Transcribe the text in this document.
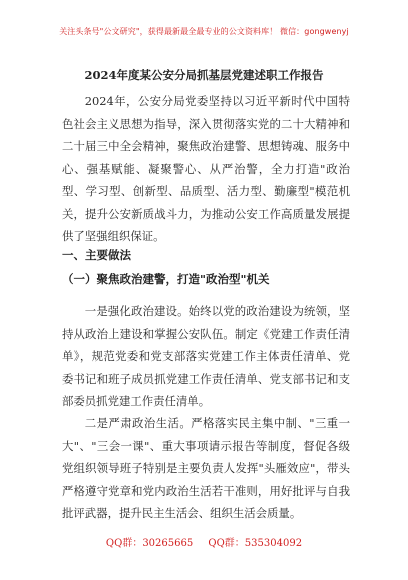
关注头条号"公文研究"，获得最新最全最专业的公文资料库！ 微信：gongwenyj
2024年度某公安分局抓基层党建述职工作报告
2024年，公安分局党委坚持以习近平新时代中国特色社会主义思想为指导，深入贯彻落实党的二十大精神和二十届三中全会精神，聚焦政治建警、思想铸魂、服务中心、强基赋能、凝聚警心、从严治警，全力打造"政治型、学习型、创新型、品质型、活力型、勤廉型"模范机关，提升公安新质战斗力，为推动公安工作高质量发展提供了坚强组织保证。
一、主要做法
（一）聚焦政治建警，打造"政治型"机关
一是强化政治建设。始终以党的政治建设为统领，坚持从政治上建设和掌握公安队伍。制定《党建工作责任清单》，规范党委和党支部落实党建工作主体责任清单、党委书记和班子成员抓党建工作责任清单、党支部书记和支部委员抓党建工作责任清单。
二是严肃政治生活。严格落实民主集中制、"三重一大"、"三会一课"、重大事项请示报告等制度，督促各级党组织领导班子特别是主要负责人发挥"头雁效应"，带头严格遵守党章和党内政治生活若干准则，用好批评与自我批评武器，提升民主生活会、组织生活会质量。
QQ群：30265665 QQ群：535304092
